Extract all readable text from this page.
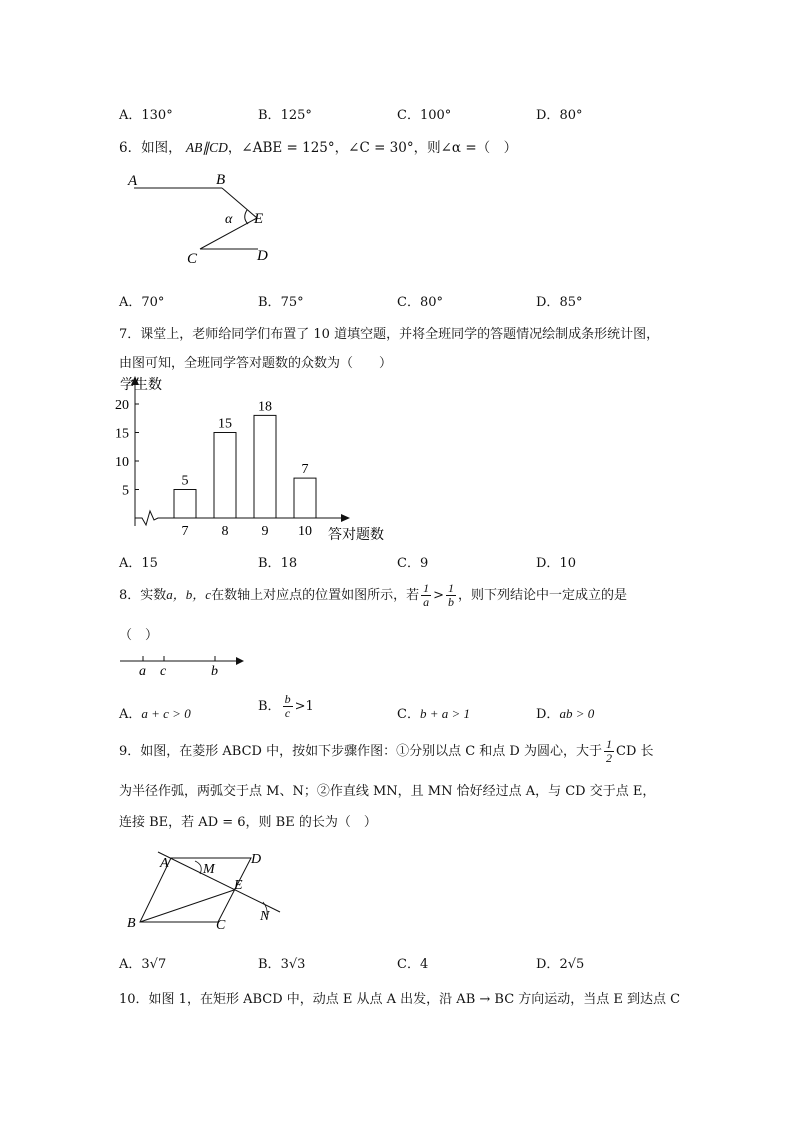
A．130°	B．125°	C．100°	D．80°
6．如图， AB∥CD，∠ABE = 125°，∠C = 30°，则∠α =（　）
A	B
E
α
C	D
A．70°	B．75°	C．80°	D．85°
7．课堂上，老师给同学们布置了 10 道填空题，并将全班同学的答题情况绘制成条形统计图，
由图可知，全班同学答对题数的众数为（　　）
5
10
15
20
5
7
15
8
18
9
7
10
学生数
答对题数
A．15	B．18	C．9	D．10
8．实数a，b，c在数轴上对应点的位置如图所示，若 $\frac{1}{a} > \frac{1}{b}$ ，则下列结论中一定成立的是
（　）
a c	b
A．a + c > 0	B． $\frac{b}{c} >1$
C．b + a > 1	D．ab > 0
9．如图，在菱形 ABCD 中，按如下步骤作图：①分别以点 C 和点 D 为圆心，大于 $\frac{1}{2}$ CD 长
为半径作弧，两弧交于点 M、N；②作直线 MN，且 MN 恰好经过点 A，与 CD 交于点 E，
连接 BE，若 AD = 6，则 BE 的长为（　）
A	D
M
E
B	C
N
A．3√7	B．3√3	C．4	D．2√5
10．如图 1，在矩形 ABCD 中，动点 E 从点 A 出发，沿 AB → BC 方向运动，当点 E 到达点 C
